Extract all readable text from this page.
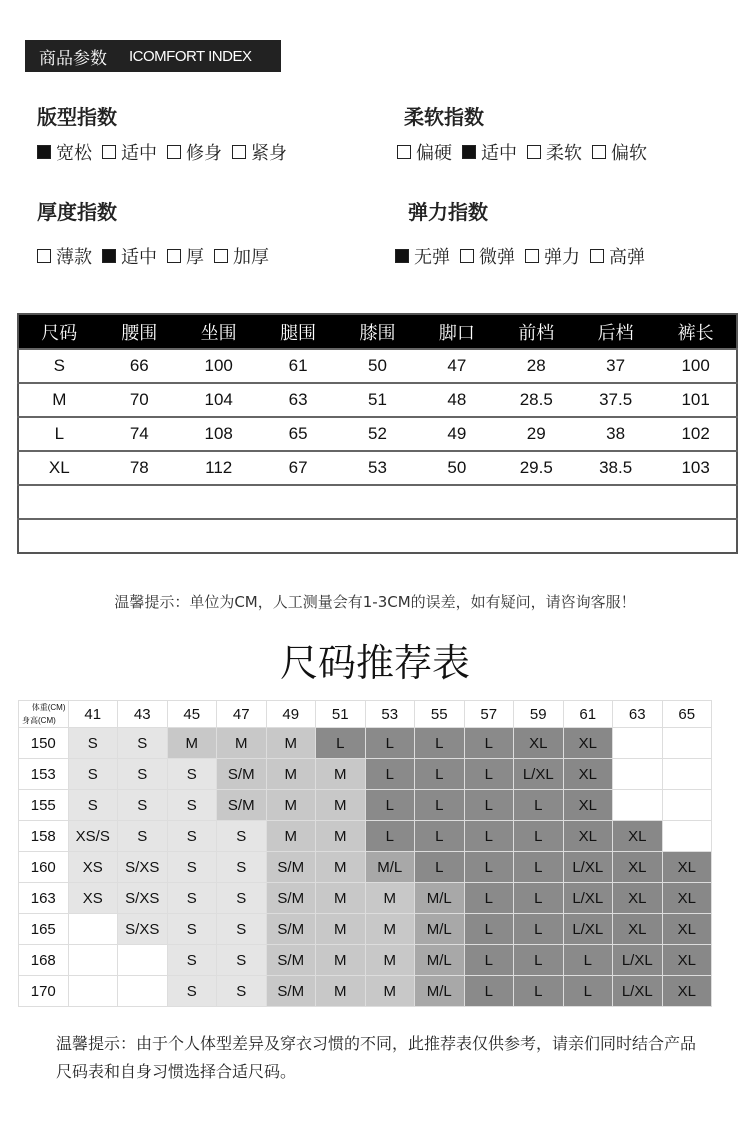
商品参数 ICOMFORT INDEX
版型指数
宽松 适中 修身 紧身
柔软指数
偏硬 适中 柔软 偏软
厚度指数
薄款 适中 厚 加厚
弹力指数
无弹 微弹 弹力 高弹
尺码	腰围	坐围	腿围	膝围	脚口	前档	后档	裤长
S	66	100	61	50	47	28	37	100
M	70	104	63	51	48	28.5	37.5	101
L	74	108	65	52	49	29	38	102
XL	78	112	67	53	50	29.5	38.5	103

温馨提示：单位为CM，人工测量会有1-3CM的误差，如有疑问，请咨询客服！
尺码推荐表
体重(CM)
身高(CM)	41	43	45	47	49	51	53	55	57	59	61	63	65
150	S	S	M	M	M	L	L	L	L	XL	XL		
153	S	S	S	S/M	M	M	L	L	L	L/XL	XL		
155	S	S	S	S/M	M	M	L	L	L	L	XL		
158	XS/S	S	S	S	M	M	L	L	L	L	XL	XL	
160	XS	S/XS	S	S	S/M	M	M/L	L	L	L	L/XL	XL	XL
163	XS	S/XS	S	S	S/M	M	M	M/L	L	L	L/XL	XL	XL
165		S/XS	S	S	S/M	M	M	M/L	L	L	L/XL	XL	XL
168			S	S	S/M	M	M	M/L	L	L	L	L/XL	XL
170			S	S	S/M	M	M	M/L	L	L	L	L/XL	XL
温馨提示：由于个人体型差异及穿衣习惯的不同，此推荐表仅供参考，请亲们同时结合产品尺码表和自身习惯选择合适尺码。
